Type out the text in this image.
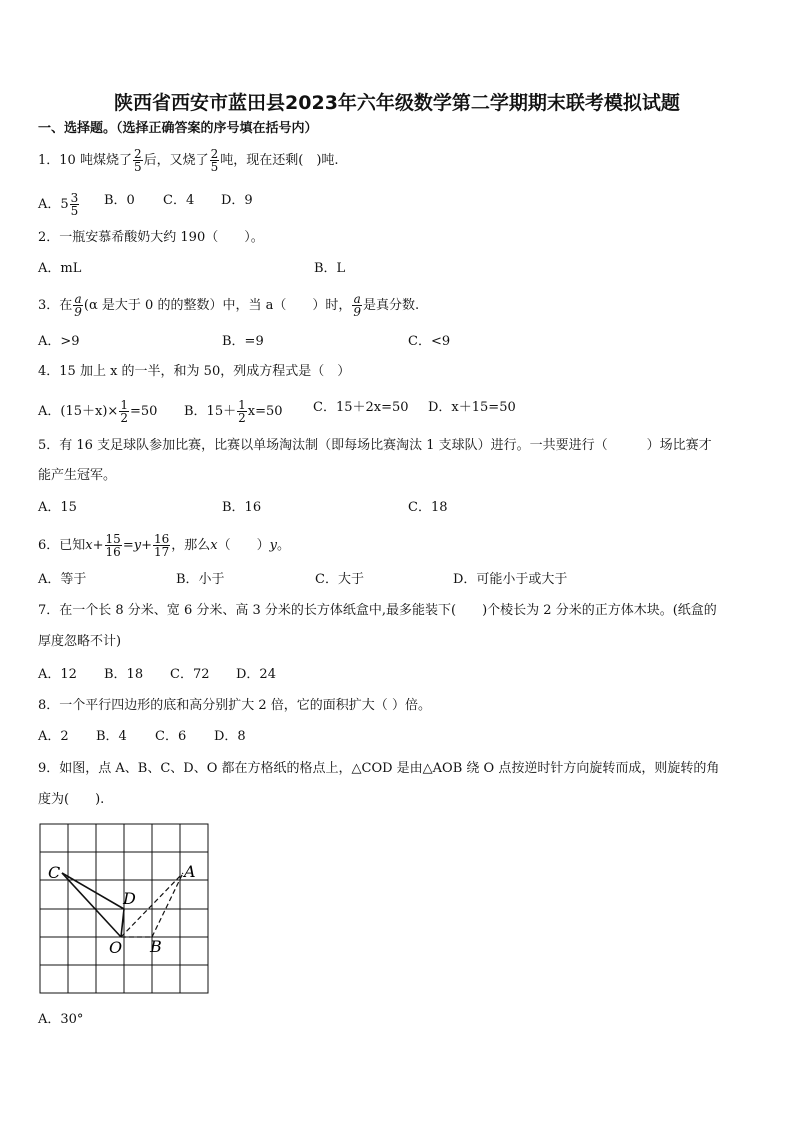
陕西省西安市蓝田县2023年六年级数学第二学期期末联考模拟试题
一、选择题。（选择正确答案的序号填在括号内）
1．10 吨煤烧了 $\frac{2}{5}$ 后，又烧了 $\frac{2}{5}$ 吨，现在还剩(　)吨.
A．$5 \frac{3}{5}$ B．0 C．4 D．9
2．一瓶安慕希酸奶大约 190（　　）。
A．mL	B．L
3．在 $\frac{a}{9} (\alpha$ 是大于 0 的的整数）中，当 a（　　）时， $\frac{a}{9}$ 是真分数.
A．>9	B．=9	C．<9
4．15 加上 x 的一半，和为 50，列成方程式是（　）
A．$(15+x)\times \frac{1}{2} =50$ B．$15+ \frac{1}{2} x=50$ C．15＋2x=50 D．x＋15=50
5．有 16 支足球队参加比赛，比赛以单场淘汰制（即每场比赛淘汰 1 支球队）进行。一共要进行（　　　）场比赛才
能产生冠军。
A．15	B．16	C．18
6．已知$x+ \frac{15}{16} =y+ \frac{16}{17}$ ，那么x（　　）y。
A．等于	B．小于	C．大于	D．可能小于或大于
7．在一个长 8 分米、宽 6 分米、高 3 分米的长方体纸盒中,最多能装下(　　)个棱长为 2 分米的正方体木块。(纸盒的
厚度忽略不计)
A．12 B．18 C．72 D．24
8．一个平行四边形的底和高分别扩大 2 倍，它的面积扩大（ ）倍。
A．2 B．4 C．6 D．8
9．如图，点 A、B、C、D、O 都在方格纸的格点上，△COD 是由△AOB 绕 O 点按逆时针方向旋转而成，则旋转的角
度为(　　).
C	A
D
O B
A．30°
